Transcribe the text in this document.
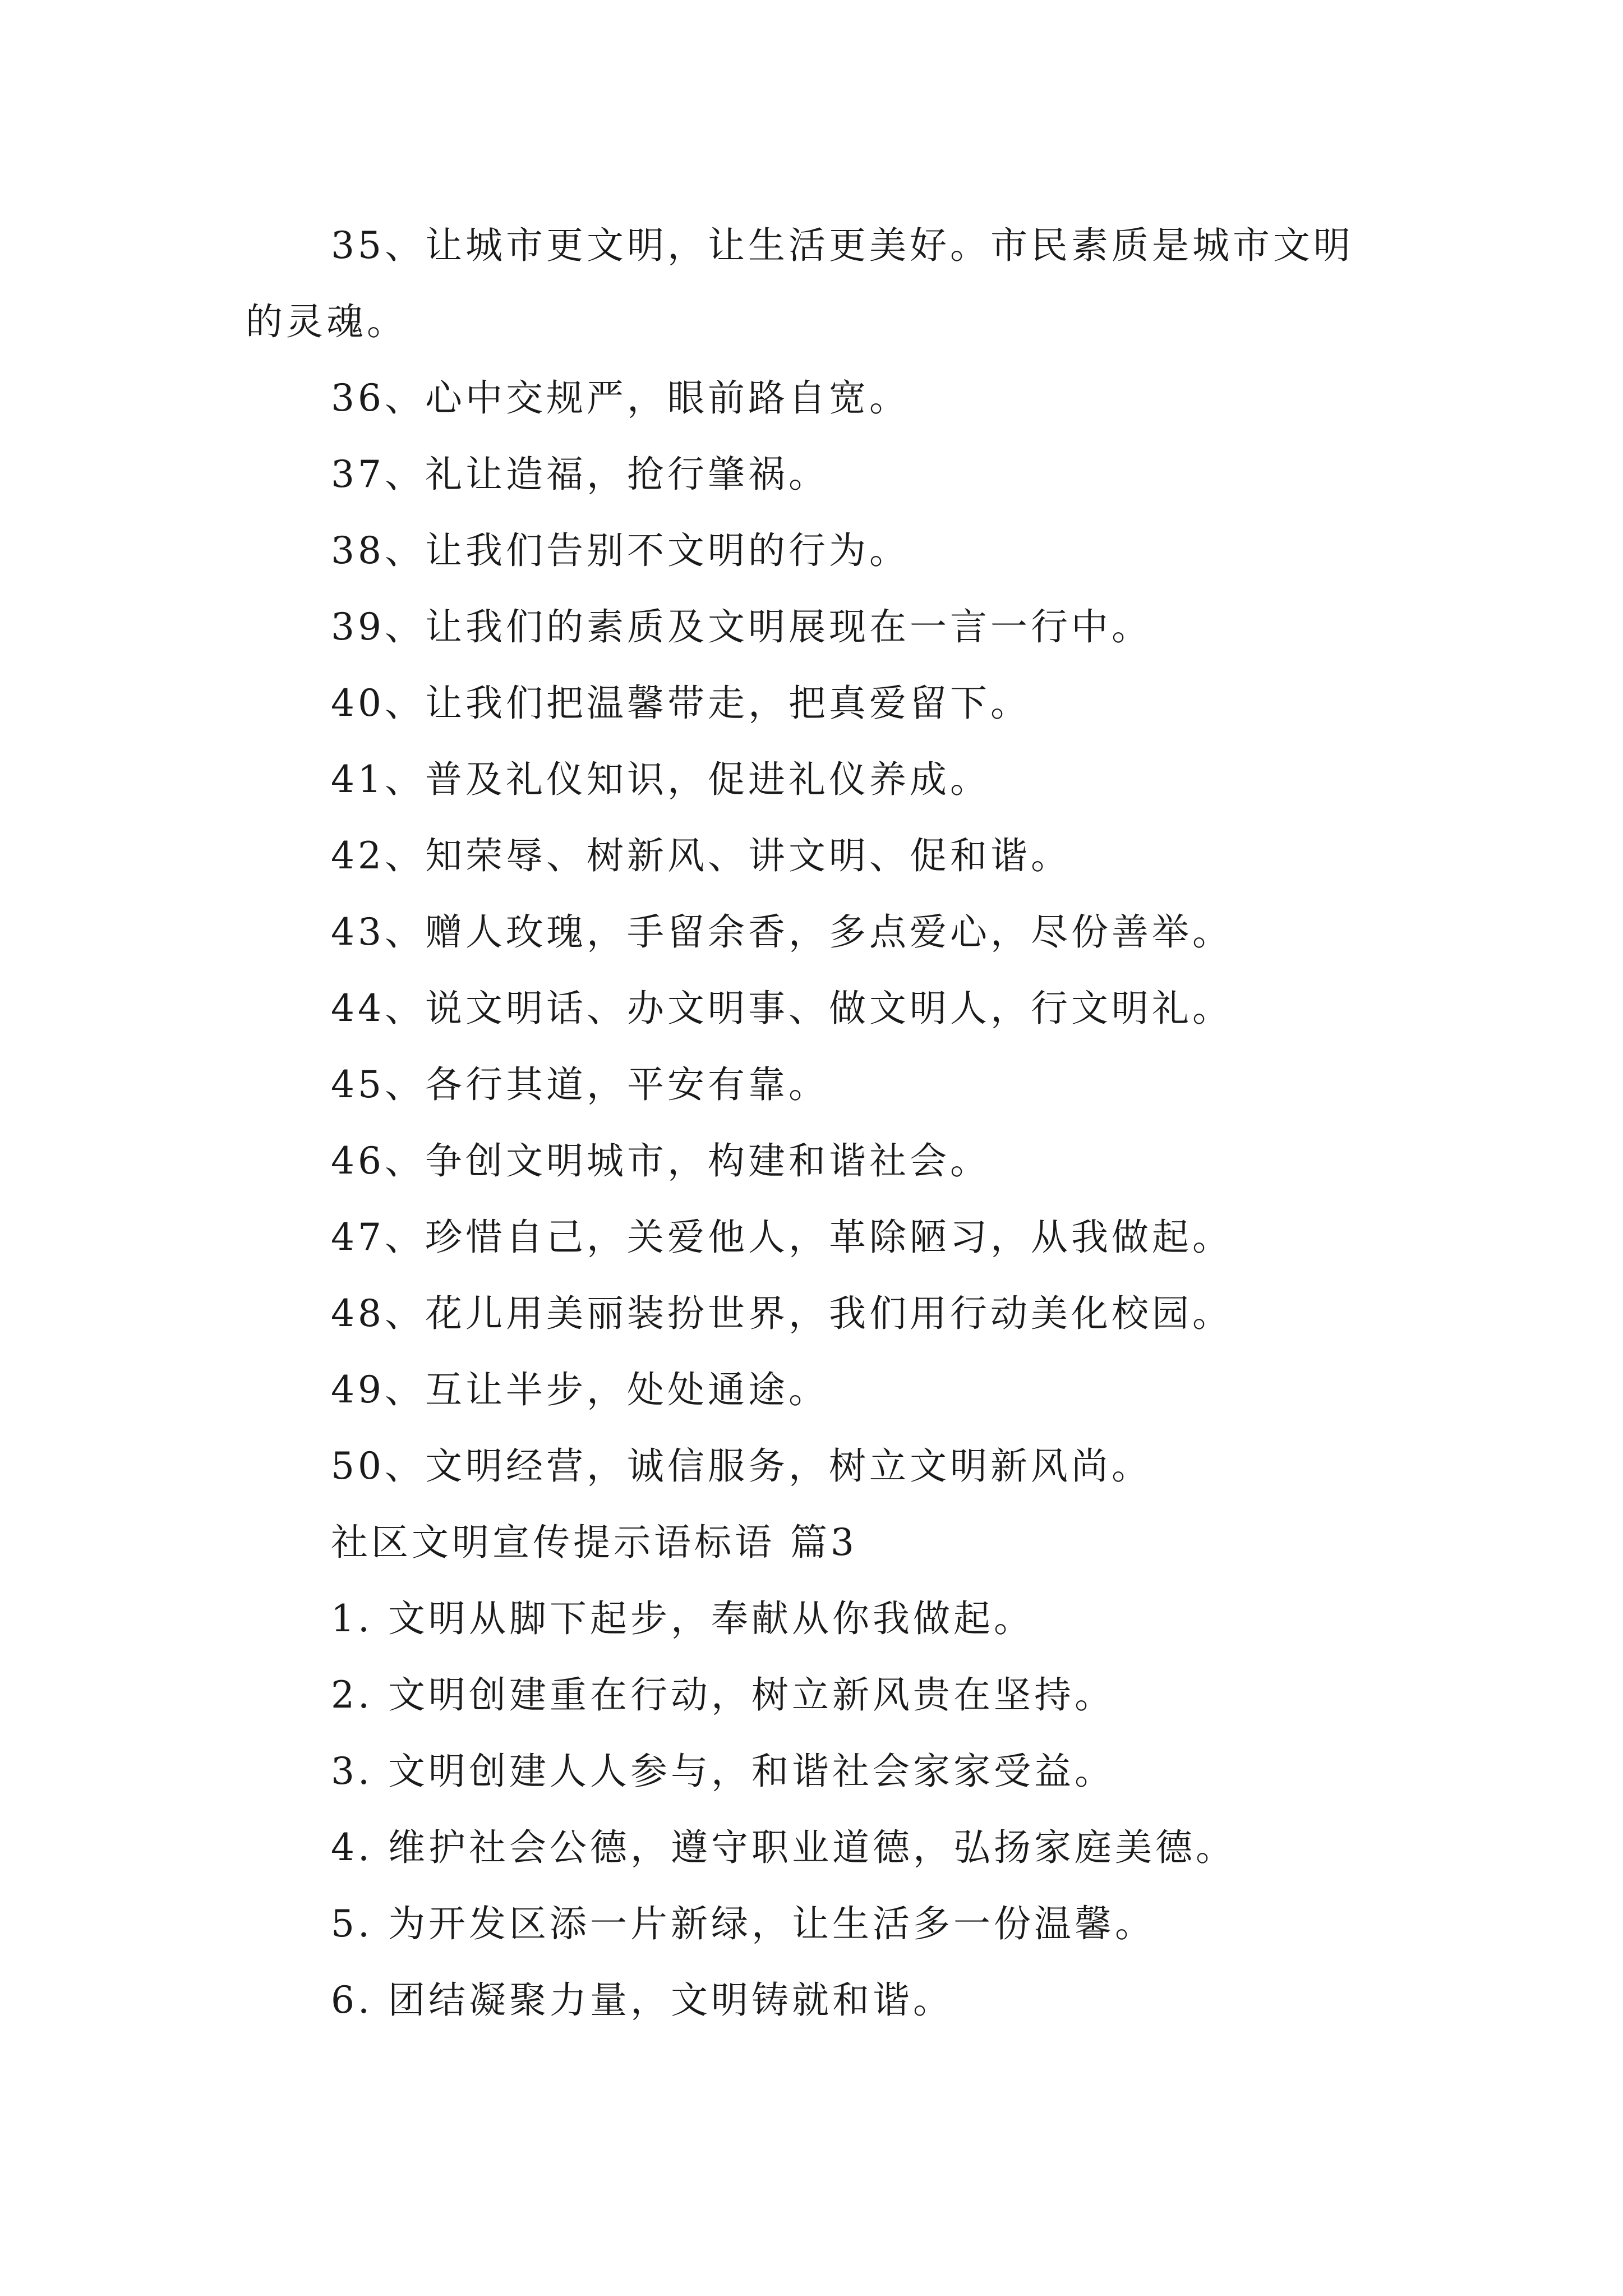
35、让城市更文明，让生活更美好。市民素质是城市文明的灵魂。

36、心中交规严，眼前路自宽。

37、礼让造福，抢行肇祸。

38、让我们告别不文明的行为。

39、让我们的素质及文明展现在一言一行中。

40、让我们把温馨带走，把真爱留下。

41、普及礼仪知识，促进礼仪养成。

42、知荣辱、树新风、讲文明、促和谐。

43、赠人玫瑰，手留余香，多点爱心，尽份善举。

44、说文明话、办文明事、做文明人，行文明礼。

45、各行其道，平安有靠。

46、争创文明城市，构建和谐社会。

47、珍惜自己，关爱他人，革除陋习，从我做起。

48、花儿用美丽装扮世界，我们用行动美化校园。

49、互让半步，处处通途。

50、文明经营，诚信服务，树立文明新风尚。

社区文明宣传提示语标语 篇3

1. 文明从脚下起步，奉献从你我做起。

2. 文明创建重在行动，树立新风贵在坚持。

3. 文明创建人人参与，和谐社会家家受益。

4. 维护社会公德，遵守职业道德，弘扬家庭美德。

5. 为开发区添一片新绿，让生活多一份温馨。

6. 团结凝聚力量，文明铸就和谐。
